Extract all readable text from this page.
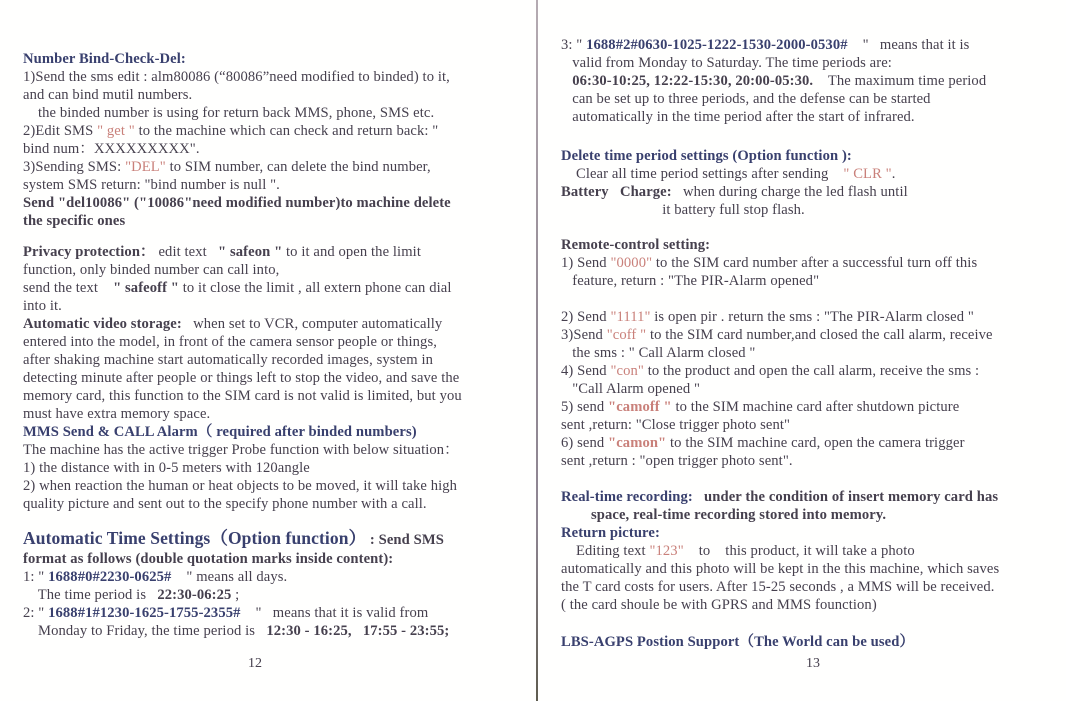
Number Bind-Check-Del:
1)Send the sms edit : alm80086 (“80086”need modified to binded) to it,
and can bind mutil numbers.
the binded number is using for return back MMS, phone, SMS etc.
2)Edit SMS " get " to the machine which can check and return back: "
bind num：XXXXXXXXX".
3)Sending SMS: "DEL" to SIM number, can delete the bind number,
system SMS return: "bind number is null ".
Send "del10086" ("10086"need modified number)to machine delete
the specific ones
Privacy protection： edit text   " safeon " to it and open the limit
function, only binded number can call into,
send the text    " safeoff " to it close the limit , all extern phone can dial
into it.
Automatic video storage:   when set to VCR, computer automatically
entered into the model, in front of the camera sensor people or things,
after shaking machine start automatically recorded images, system in
detecting minute after people or things left to stop the video, and save the
memory card, this function to the SIM card is not valid is limited, but you
must have extra memory space.
MMS Send & CALL Alarm（ required after binded numbers)
The machine has the active trigger Probe function with below situation：
1) the distance with in 0-5 meters with 120angle
2) when reaction the human or heat objects to be moved, it will take high
quality picture and sent out to the specify phone number with a call.
Automatic Time Settings（Option function） : Send SMS
format as follows (double quotation marks inside content):
1: " 1688#0#2230-0625#    " means all days.
The time period is   22:30-06:25 ;
2: " 1688#1#1230-1625-1755-2355#    "   means that it is valid from
Monday to Friday, the time period is   12:30 - 16:25,   17:55 - 23:55;
3: " 1688#2#0630-1025-1222-1530-2000-0530#    "   means that it is
valid from Monday to Saturday. The time periods are:
06:30-10:25, 12:22-15:30, 20:00-05:30.    The maximum time period
can be set up to three periods, and the defense can be started
automatically in the time period after the start of infrared.
Delete time period settings (Option function ):
Clear all time period settings after sending    " CLR ".
Battery   Charge:   when during charge the led flash until
it battery full stop flash.
Remote-control setting:
1) Send "0000" to the SIM card number after a successful turn off this
feature, return : "The PIR-Alarm opened"
2) Send "1111" is open pir . return the sms : "The PIR-Alarm closed "
3)Send "coff " to the SIM card number,and closed the call alarm, receive
the sms : " Call Alarm closed "
4) Send "con" to the product and open the call alarm, receive the sms :
"Call Alarm opened "
5) send "camoff " to the SIM machine card after shutdown picture
sent ,return: "Close trigger photo sent"
6) send "camon" to the SIM machine card, open the camera trigger
sent ,return : "open trigger photo sent".
Real-time recording:   under the condition of insert memory card has
space, real-time recording stored into memory.
Return picture:
Editing text "123"    to    this product, it will take a photo
automatically and this photo will be kept in the this machine, which saves
the T card costs for users. After 15-25 seconds , a MMS will be received.
( the card shoule be with GPRS and MMS founction)
LBS-AGPS Postion Support（The World can be used）
12	13
